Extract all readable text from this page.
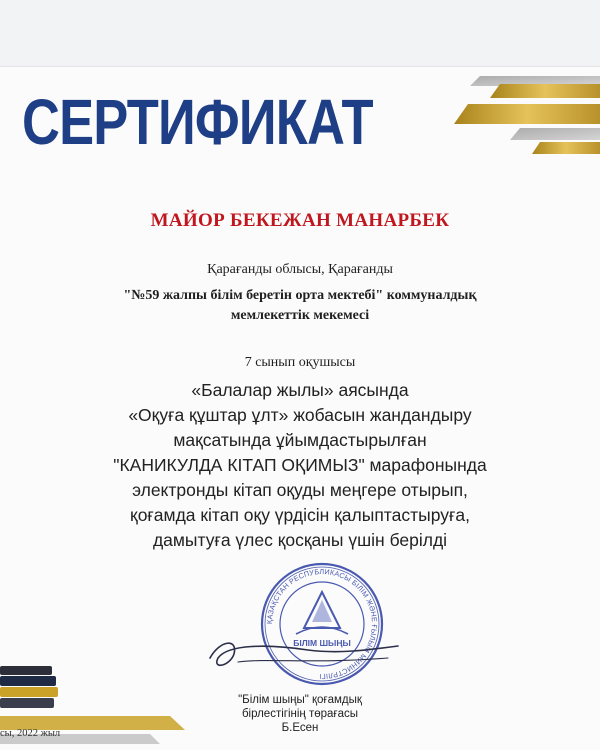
СЕРТИФИКАТ
МАЙОР БЕКЕЖАН МАНАРБЕК
Қарағанды облысы, Қарағанды
"№59 жалпы білім беретін орта мектебі" коммуналдық
мемлекеттік мекемесі
7 сынып оқушысы
«Балалар жылы» аясында
«Оқуға құштар ұлт» жобасын жандандыру
мақсатында ұйымдастырылған
"КАНИКУЛДА КІТАП ОҚИМЫЗ" марафонында
электронды кітап оқуды меңгере отырып,
қоғамда кітап оқу үрдісін қалыптастыруға,
дамытуға үлес қосқаны үшін берілді
ҚАЗАҚСТАН РЕСПУБЛИКАСЫ БІЛІМ ЖӘНЕ ҒЫЛЫМ МИНИСТРЛІГІ
БІЛІМ ШЫҢЫ
"Білім шыңы" қоғамдық
бірлестігінің төрағасы
Б.Есен
сы, 2022 жыл
